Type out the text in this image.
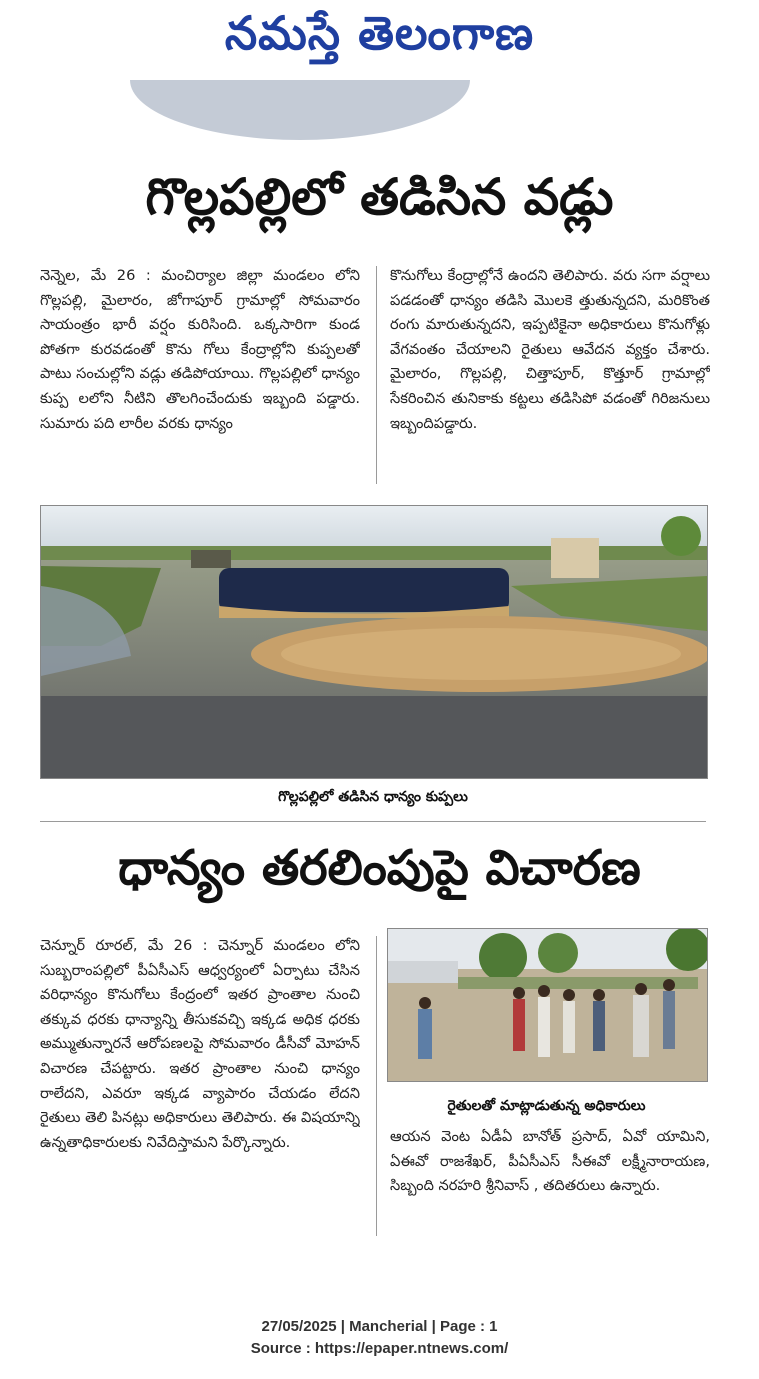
నమస్తే తెలంగాణ
గొల్లపల్లిలో తడిసిన వడ్లు

నెన్నెల, మే 26 : మంచిర్యాల జిల్లా మండలం లోని గొల్లపల్లి, మైలారం, జోగాపూర్ గ్రామాల్లో సోమవారం సాయంత్రం భారీ వర్షం కురిసింది. ఒక్కసారిగా కుండ పోతగా కురవడంతో కొను గోలు కేంద్రాల్లోని కుప్పలతో పాటు సంచుల్లోని వడ్లు తడిపోయాయి. గొల్లపల్లిలో ధాన్యం కుప్ప లలోని నీటిని తొలగించేందుకు ఇబ్బంది పడ్డారు. సుమారు పది లారీల వరకు ధాన్యం

కొనుగోలు కేంద్రాల్లోనే ఉందని తెలిపారు. వరు సగా వర్షాలు పడడంతో ధాన్యం తడిసి మొలకె త్తుతున్నదని, మరికొంత రంగు మారుతున్నదని, ఇప్పటికైనా అధికారులు కొనుగోళ్లు వేగవంతం చేయాలని రైతులు ఆవేదన వ్యక్తం చేశారు. మైలారం, గొల్లపల్లి, చిత్తాపూర్, కొత్తూర్ గ్రామాల్లో సేకరించిన తునికాకు కట్టలు తడిసిపో వడంతో గిరిజనులు ఇబ్బందిపడ్డారు.

గొల్లపల్లిలో తడిసిన ధాన్యం కుప్పలు
ధాన్యం తరలింపుపై విచారణ

చెన్నూర్ రూరల్, మే 26 : చెన్నూర్ మండలం లోని సుబ్బరాంపల్లిలో పీఏసీఎస్ ఆధ్వర్యంలో ఏర్పాటు చేసిన వరిధాన్యం కొనుగోలు కేంద్రంలో ఇతర ప్రాంతాల నుంచి తక్కువ ధరకు ధాన్యాన్ని తీసుకవచ్చి ఇక్కడ అధిక ధరకు అమ్ముతున్నారనే ఆరోపణలపై సోమవారం డీసీవో మోహన్ విచారణ చేపట్టారు. ఇతర ప్రాంతాల నుంచి ధాన్యం రాలేదని, ఎవరూ ఇక్కడ వ్యాపారం చేయడం లేదని రైతులు తెలి పినట్లు అధికారులు తెలిపారు. ఈ విషయాన్ని ఉన్నతాధికారులకు నివేదిస్తామని పేర్కొన్నారు.

రైతులతో మాట్లాడుతున్న అధికారులు

ఆయన వెంట ఏడీఏ బానోత్ ప్రసాద్, ఏవో యామిని, ఏఈవో రాజశేఖర్, పీఏసీఎస్ సీఈవో లక్ష్మీనారాయణ, సిబ్బంది నరహరి శ్రీనివాస్ , తదితరులు ఉన్నారు.

27/05/2025 | Mancherial | Page : 1
Source : https://epaper.ntnews.com/
